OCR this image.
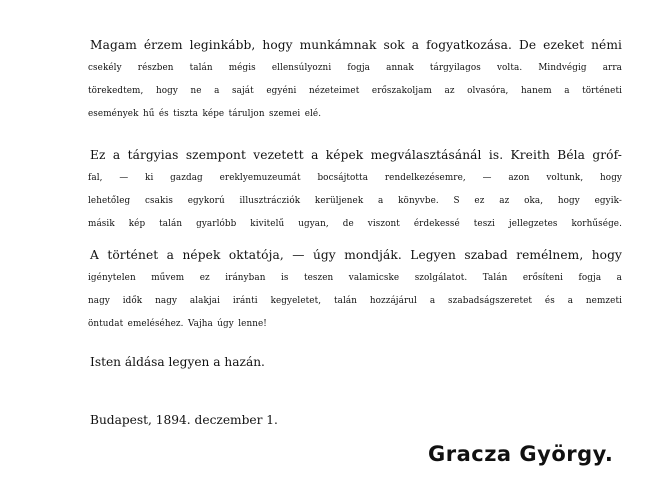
Magam érzem leginkább, hogy munkámnak sok a fogyatkozása. De ezeket némi
csekély részben talán mégis ellensúlyozni fogja annak tárgyilagos volta. Mindvégig arra
törekedtem, hogy ne a saját egyéni nézeteimet erőszakoljam az olvasóra, hanem a történeti
események hű és tiszta képe táruljon szemei elé.
Ez a tárgyias szempont vezetett a képek megválasztásánál is. Kreith Béla gróf-
fal, — ki gazdag ereklyemuzeumát bocsájtotta rendelkezésemre, — azon voltunk, hogy
lehetőleg csakis egykorú illusztrácziók kerüljenek a könyvbe. S ez az oka, hogy egyik-
másik kép talán gyarlóbb kivitelű ugyan, de viszont érdekessé teszi jellegzetes korhűsége.
A történet a népek oktatója, — úgy mondják. Legyen szabad remélnem, hogy
igénytelen művem ez irányban is teszen valamicske szolgálatot. Talán erősíteni fogja a
nagy idők nagy alakjai iránti kegyeletet, talán hozzájárul a szabadságszeretet és a nemzeti
öntudat emeléséhez. Vajha úgy lenne!

Isten áldása legyen a hazán.

Budapest, 1894. deczember 1.

Gracza György.
